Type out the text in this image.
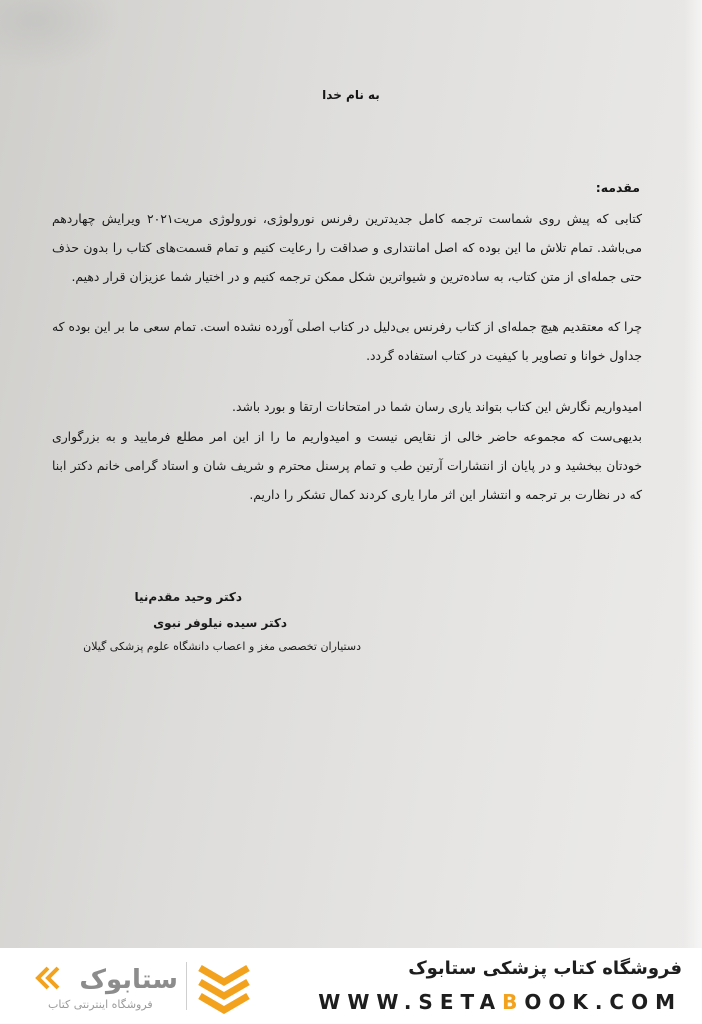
به نام خدا
مقدمه:
کتابی که پیش روی شماست ترجمه کامل جدیدترین رفرنس نورولوژی، نورولوژی مریت۲۰۲۱ ویرایش چهاردهم می‌باشد. تمام تلاش ما این بوده که اصل امانتداری و صداقت را رعایت کنیم و تمام قسمت‌های کتاب را بدون حذف حتی جمله‌ای از متن کتاب، به ساده‌ترین و شیواترین شکل ممکن ترجمه کنیم و در اختیار شما عزیزان قرار دهیم.
چرا که معتقدیم هیچ جمله‌ای از کتاب رفرنس بی‌دلیل در کتاب اصلی آورده نشده است. تمام سعی ما بر این بوده که جداول خوانا و تصاویر با کیفیت در کتاب استفاده گردد.
امیدواریم نگارش این کتاب بتواند یاری رسان شما در امتحانات ارتقا و بورد باشد.
بدیهی‌ست که مجموعه حاضر خالی از نقایص نیست و امیدواریم ما را از این امر مطلع فرمایید و به بزرگواری خودتان ببخشید و در پایان از انتشارات آرتین طب و تمام پرسنل محترم و شریف شان و استاد گرامی خانم دکتر ابنا که در نظارت بر ترجمه و انتشار این اثر مارا یاری کردند کمال تشکر را داریم.
دکتر وحید مقدم‌نیا
دکتر سیده نیلوفر نبوی
دستیاران تخصصی مغز و اعصاب دانشگاه علوم پزشکی گیلان
ستابوک
فروشگاه اینترنتی کتاب
فروشگاه کتاب پزشکی ستابوک
WWW.SETABOOK.COM
